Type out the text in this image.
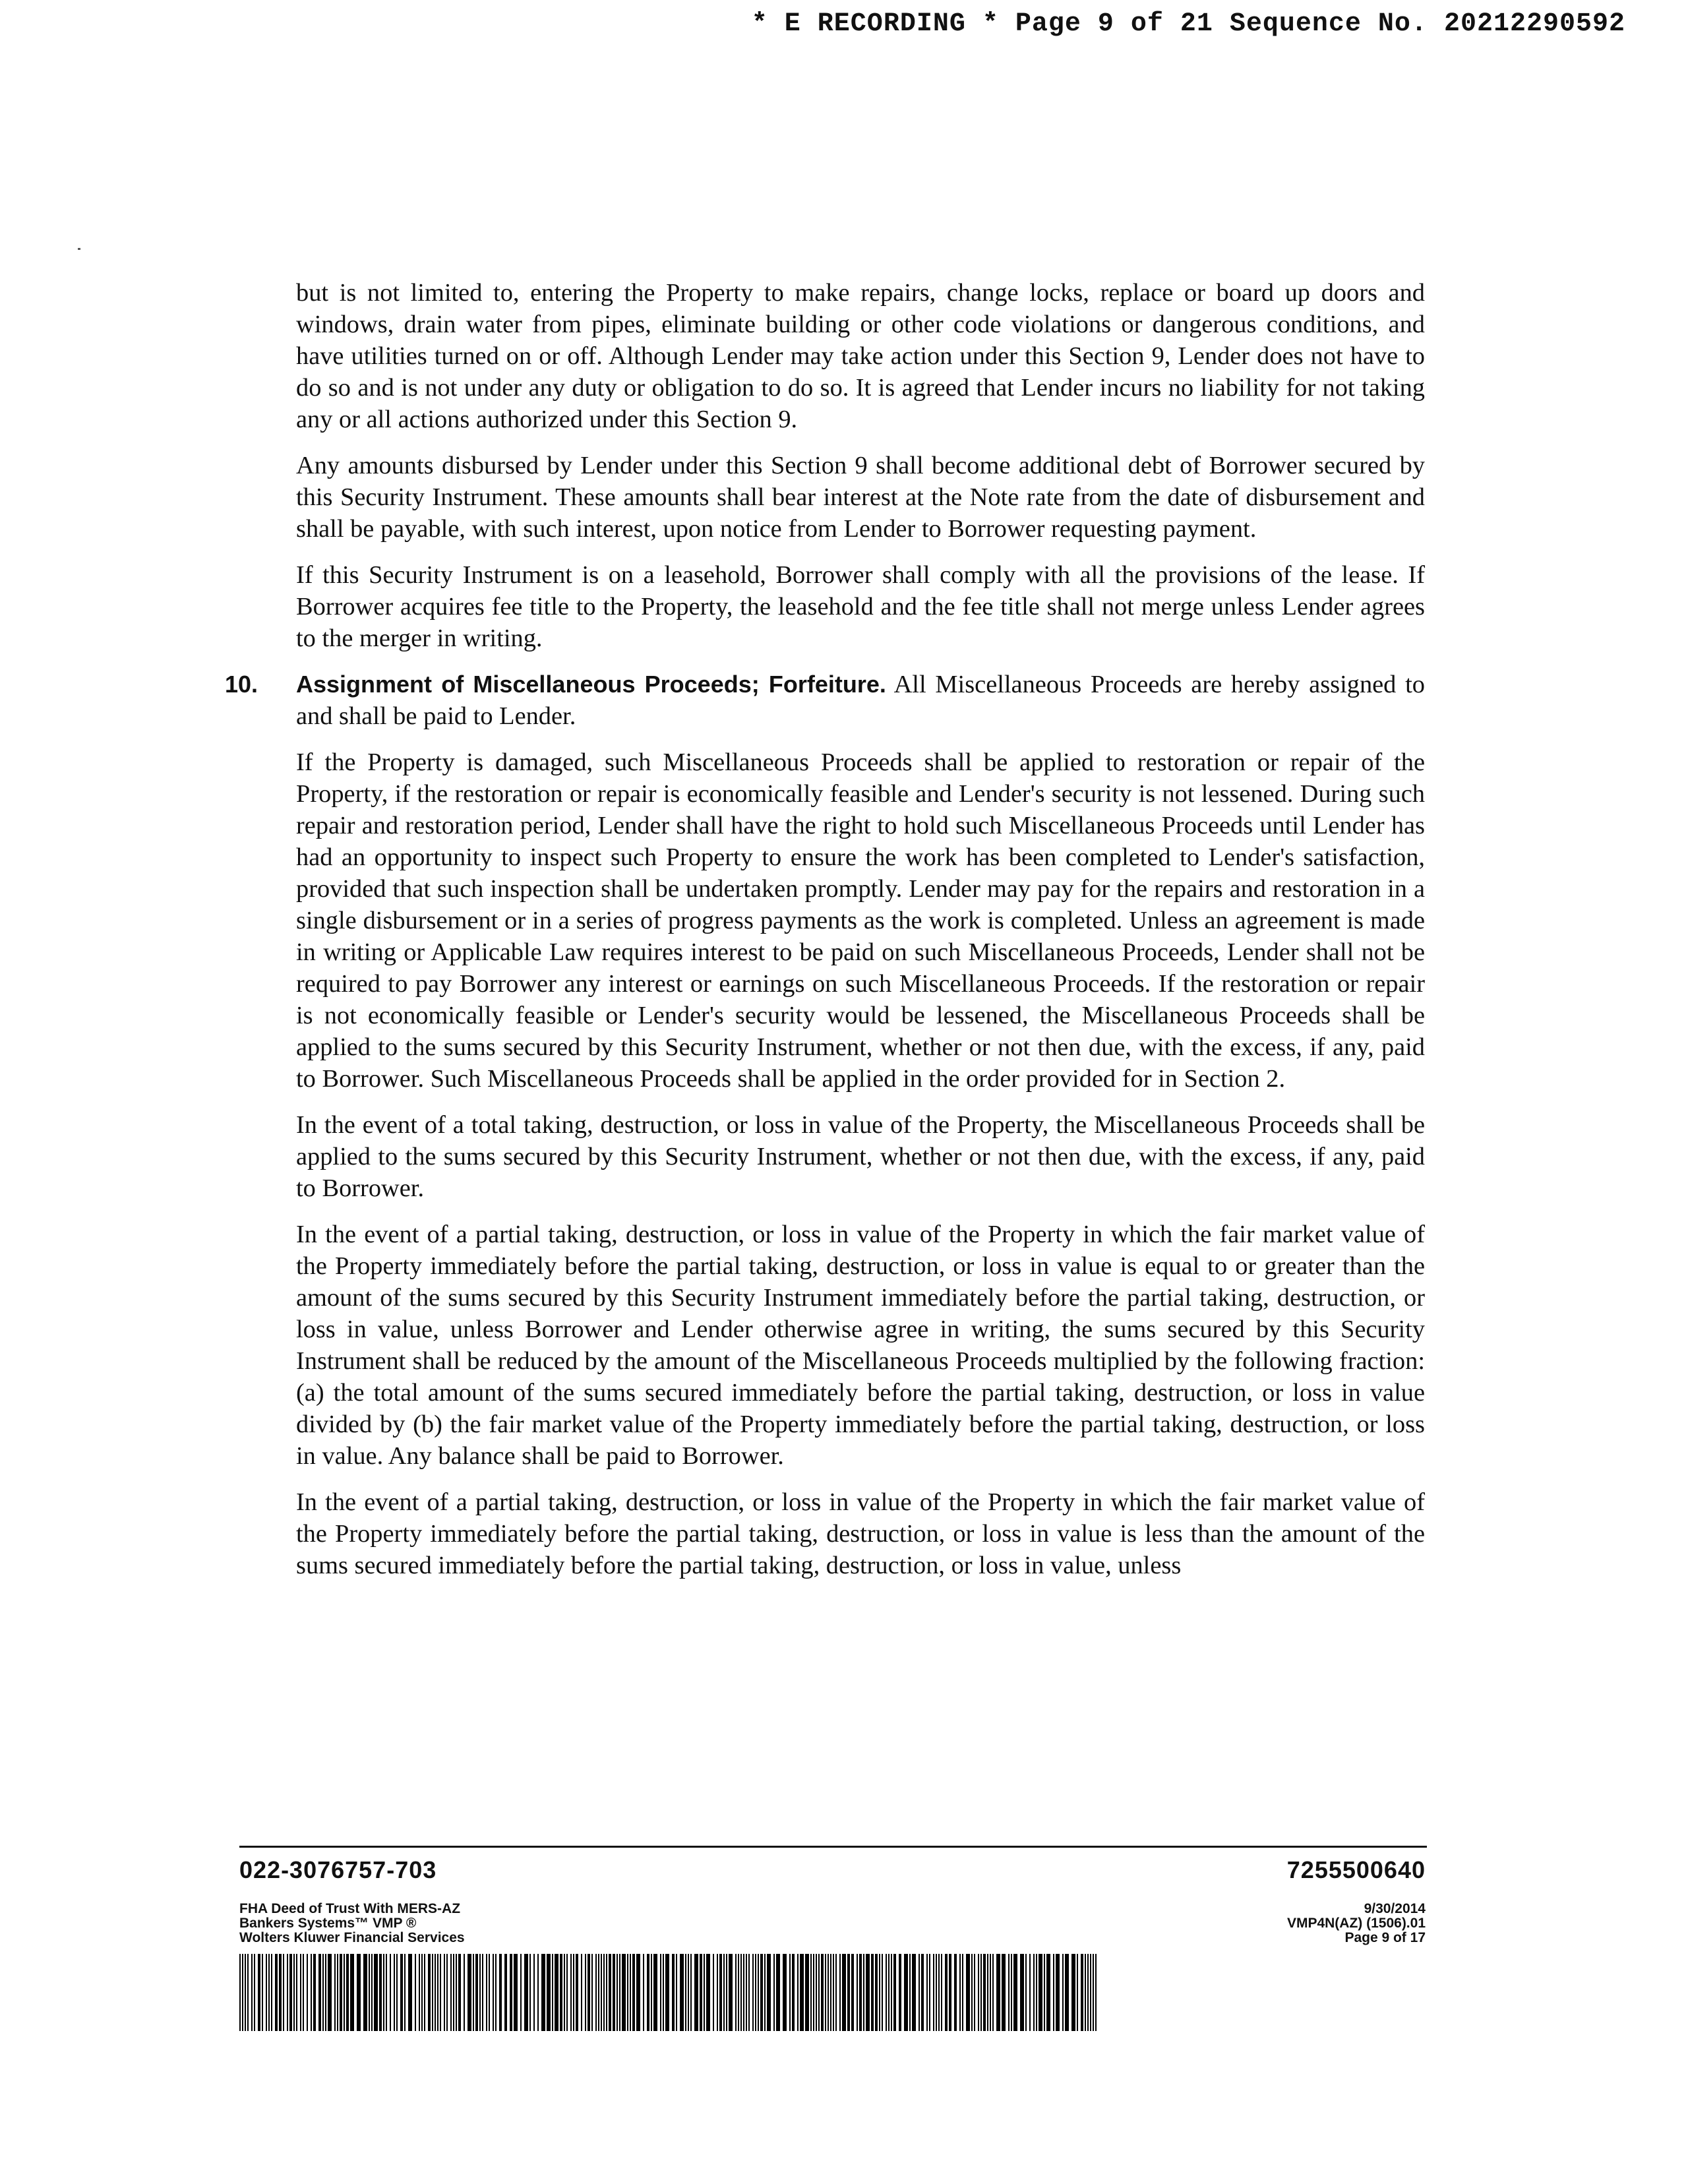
* E RECORDING * Page 9 of 21 Sequence No. 20212290592

but is not limited to, entering the Property to make repairs, change locks, replace or board up doors and windows, drain water from pipes, eliminate building or other code violations or dangerous conditions, and have utilities turned on or off. Although Lender may take action under this Section 9, Lender does not have to do so and is not under any duty or obligation to do so. It is agreed that Lender incurs no liability for not taking any or all actions authorized under this Section 9.

Any amounts disbursed by Lender under this Section 9 shall become additional debt of Borrower secured by this Security Instrument. These amounts shall bear interest at the Note rate from the date of disbursement and shall be payable, with such interest, upon notice from Lender to Borrower requesting payment.

If this Security Instrument is on a leasehold, Borrower shall comply with all the provisions of the lease. If Borrower acquires fee title to the Property, the leasehold and the fee title shall not merge unless Lender agrees to the merger in writing.

10. Assignment of Miscellaneous Proceeds; Forfeiture. All Miscellaneous Proceeds are hereby assigned to and shall be paid to Lender.

If the Property is damaged, such Miscellaneous Proceeds shall be applied to restoration or repair of the Property, if the restoration or repair is economically feasible and Lender's security is not lessened. During such repair and restoration period, Lender shall have the right to hold such Miscellaneous Proceeds until Lender has had an opportunity to inspect such Property to ensure the work has been completed to Lender's satisfaction, provided that such inspection shall be undertaken promptly. Lender may pay for the repairs and restoration in a single disbursement or in a series of progress payments as the work is completed. Unless an agreement is made in writing or Applicable Law requires interest to be paid on such Miscellaneous Proceeds, Lender shall not be required to pay Borrower any interest or earnings on such Miscellaneous Proceeds. If the restoration or repair is not economically feasible or Lender's security would be lessened, the Miscellaneous Proceeds shall be applied to the sums secured by this Security Instrument, whether or not then due, with the excess, if any, paid to Borrower. Such Miscellaneous Proceeds shall be applied in the order provided for in Section 2.

In the event of a total taking, destruction, or loss in value of the Property, the Miscellaneous Proceeds shall be applied to the sums secured by this Security Instrument, whether or not then due, with the excess, if any, paid to Borrower.

In the event of a partial taking, destruction, or loss in value of the Property in which the fair market value of the Property immediately before the partial taking, destruction, or loss in value is equal to or greater than the amount of the sums secured by this Security Instrument immediately before the partial taking, destruction, or loss in value, unless Borrower and Lender otherwise agree in writing, the sums secured by this Security Instrument shall be reduced by the amount of the Miscellaneous Proceeds multiplied by the following fraction: (a) the total amount of the sums secured immediately before the partial taking, destruction, or loss in value divided by (b) the fair market value of the Property immediately before the partial taking, destruction, or loss in value. Any balance shall be paid to Borrower.

In the event of a partial taking, destruction, or loss in value of the Property in which the fair market value of the Property immediately before the partial taking, destruction, or loss in value is less than the amount of the sums secured immediately before the partial taking, destruction, or loss in value, unless

022-3076757-703	7255500640
FHA Deed of Trust With MERS-AZ
Bankers Systems™ VMP ®
Wolters Kluwer Financial Services
9/30/2014
VMP4N(AZ) (1506).01
Page 9 of 17
